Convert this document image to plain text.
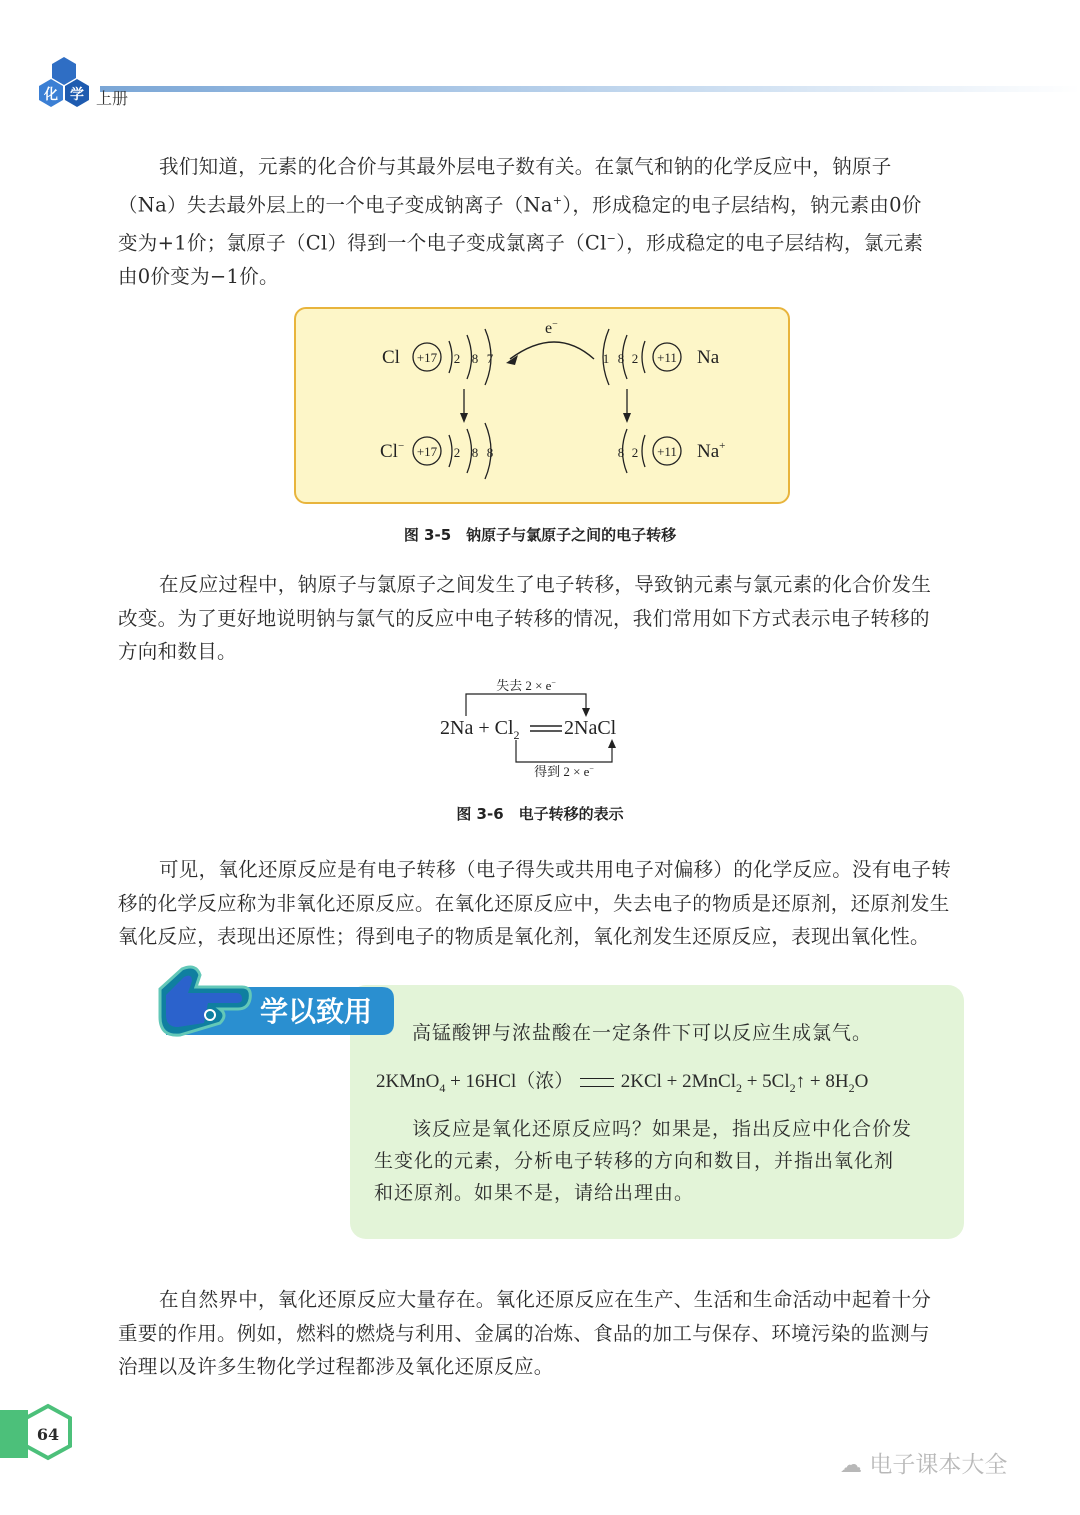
化 学 上册
我们知道，元素的化合价与其最外层电子数有关。在氯气和钠的化学反应中，钠原子
（Na）失去最外层上的一个电子变成钠离子（Na+），形成稳定的电子层结构，钠元素由0价
变为+1价；氯原子（Cl）得到一个电子变成氯离子（Cl−），形成稳定的电子层结构，氯元素
由0价变为−1价。
Cl +17 2 8 7
e−
1 8 2 +11 Na
Cl− +17 2 8 8	8 2 +11 Na+
图 3-5　钠原子与氯原子之间的电子转移
在反应过程中，钠原子与氯原子之间发生了电子转移，导致钠元素与氯元素的化合价发生
改变。为了更好地说明钠与氯气的反应中电子转移的情况，我们常用如下方式表示电子转移的
方向和数目。
失去 2 × e−
$2Na + Cl_2$ 2NaCl
得到 2 × e−
图 3-6　电子转移的表示
可见，氧化还原反应是有电子转移（电子得失或共用电子对偏移）的化学反应。没有电子转
移的化学反应称为非氧化还原反应。在氧化还原反应中，失去电子的物质是还原剂，还原剂发生
氧化反应，表现出还原性；得到电子的物质是氧化剂，氧化剂发生还原反应，表现出氧化性。
学以致用
高锰酸钾与浓盐酸在一定条件下可以反应生成氯气。
2KMnO$_4$ + 16HCl（浓）	2KCl + 2MnCl$_2$ + $5Cl_2↑ + 8H_2O$
该反应是氧化还原反应吗？如果是，指出反应中化合价发
生变化的元素，分析电子转移的方向和数目，并指出氧化剂
和还原剂。如果不是，请给出理由。
在自然界中，氧化还原反应大量存在。氧化还原反应在生产、生活和生命活动中起着十分
重要的作用。例如，燃料的燃烧与利用、金属的冶炼、食品的加工与保存、环境污染的监测与
治理以及许多生物化学过程都涉及氧化还原反应。
64
☁ 电子课本大全
